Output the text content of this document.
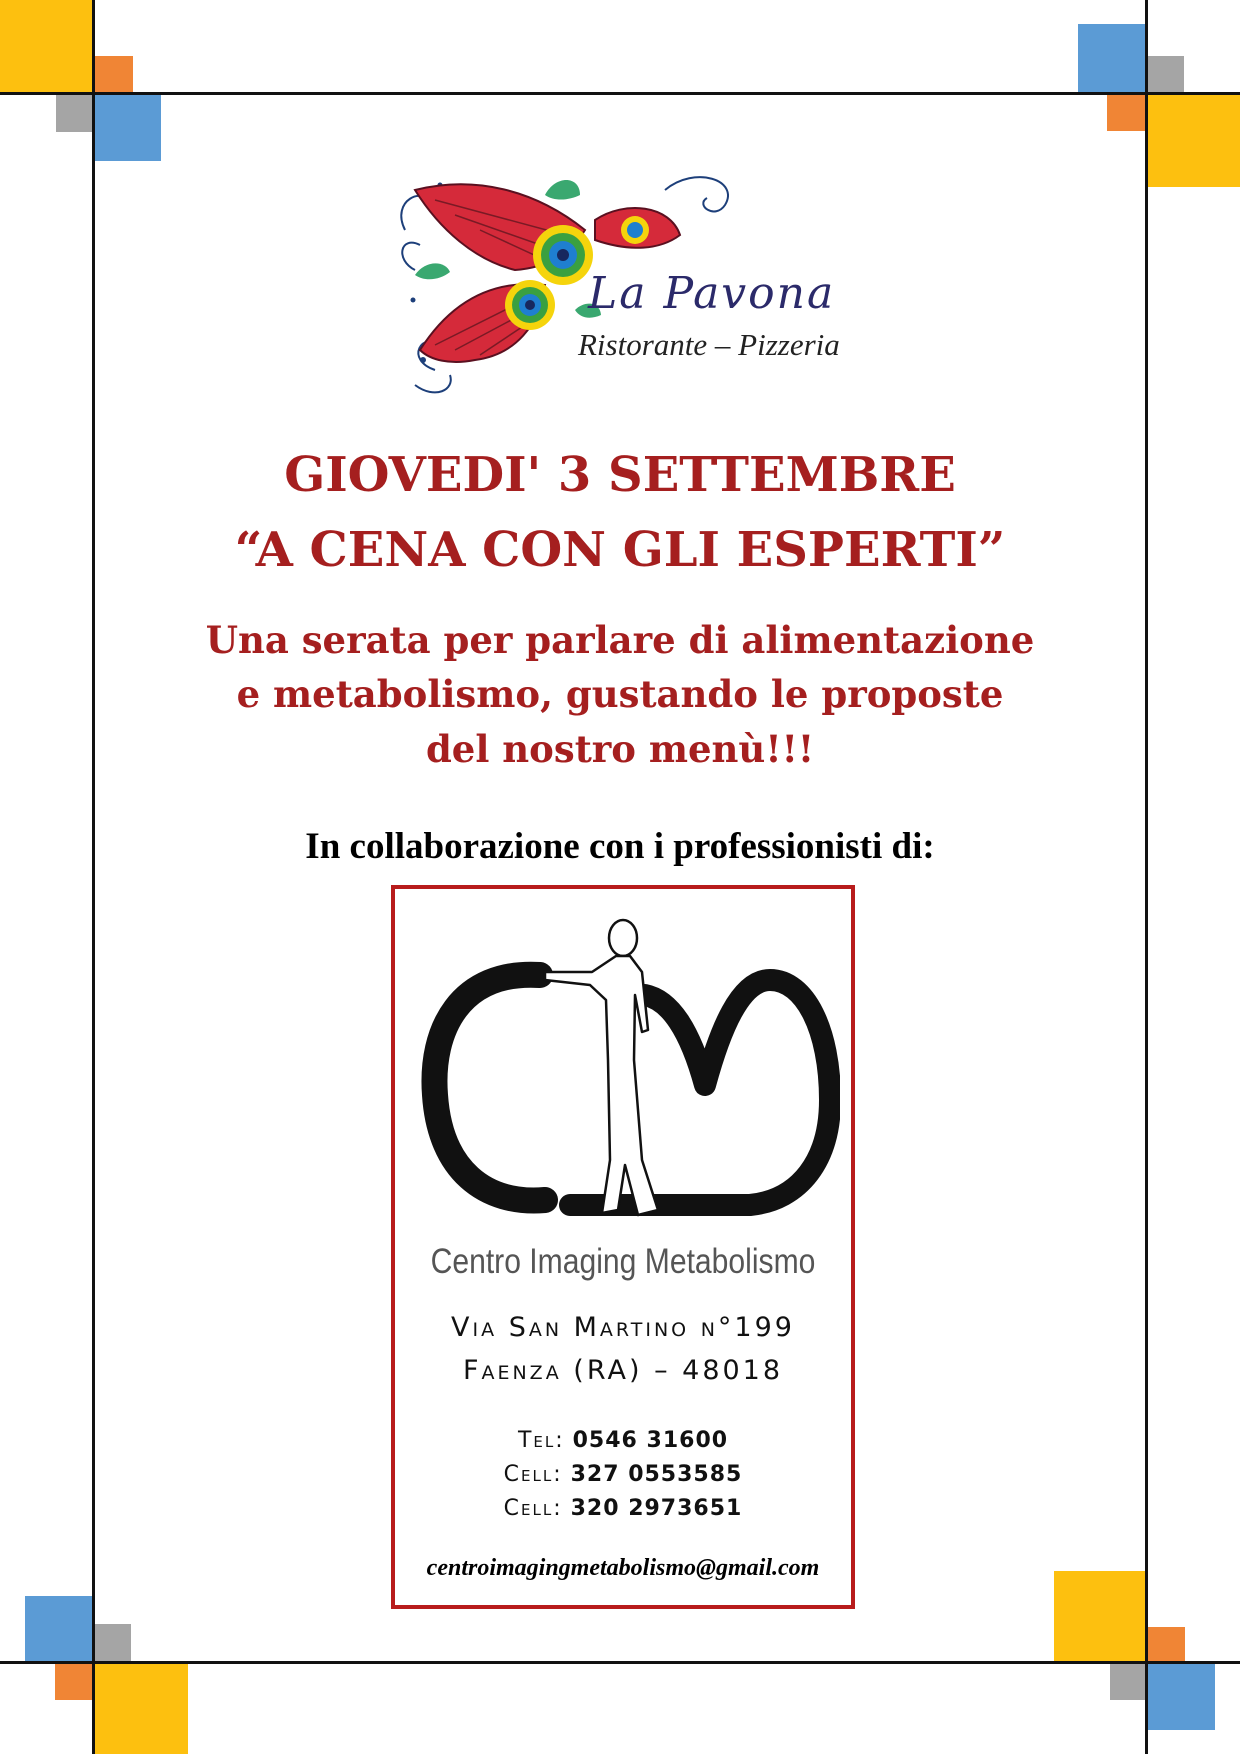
La Pavona
Ristorante – Pizzeria
GIOVEDI' 3 SETTEMBRE
“A CENA CON GLI ESPERTI”
Una serata per parlare di alimentazione
e metabolismo, gustando le proposte
del nostro menù!!!
In collaborazione con i professionisti di:
Centro Imaging Metabolismo
Via San Martino n°199
Faenza (RA) – 48018
Tel: 0546 31600
Cell: 327 0553585
Cell: 320 2973651
centroimagingmetabolismo@gmail.com
